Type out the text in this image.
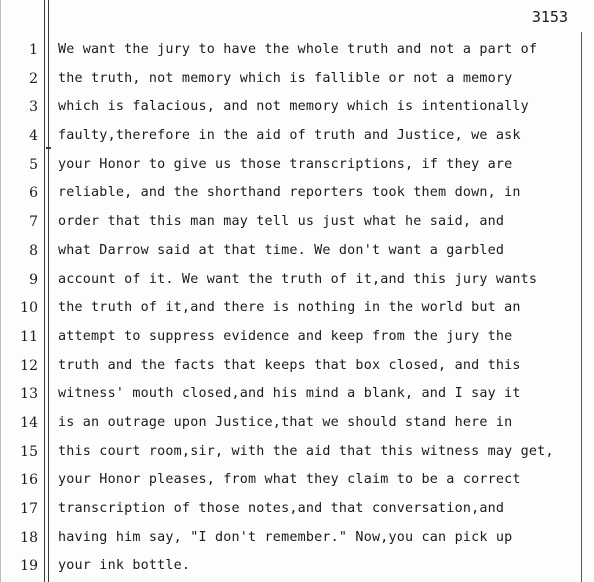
3153
1 We want the jury to have the whole truth and not a part of
2 the truth, not memory which is fallible or not a memory
3 which is falacious, and not memory which is intentionally
4 faulty,therefore in the aid of truth and Justice, we ask
5 your Honor to give us those transcriptions, if they are
6 reliable, and the shorthand reporters took them down, in
7 order that this man may tell us just what he said, and
8 what Darrow said at that time. We don't want a garbled
9 account of it. We want the truth of it,and this jury wants
10 the truth of it,and there is nothing in the world but an
11 attempt to suppress evidence and keep from the jury the
12 truth and the facts that keeps that box closed, and this
13 witness' mouth closed,and his mind a blank, and I say it
14 is an outrage upon Justice,that we should stand here in
15 this court room,sir, with the aid that this witness may get,
16 your Honor pleases, from what they claim to be a correct
17 transcription of those notes,and that conversation,and
18 having him say, "I don't remember." Now,you can pick up
19 your ink bottle.
